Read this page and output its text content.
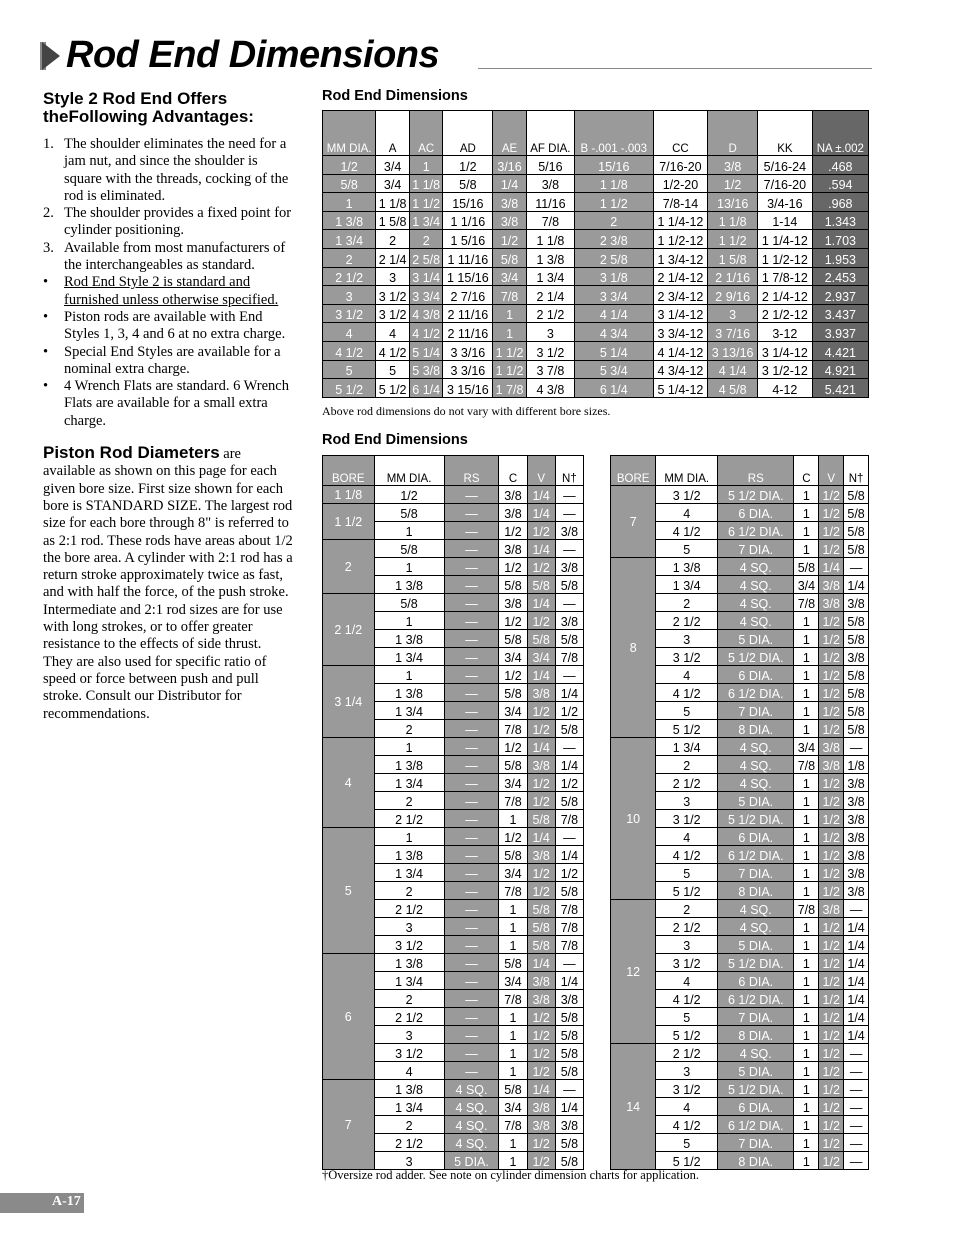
Rod End Dimensions
Style 2 Rod End Offers theFollowing Advantages:
1. The shoulder eliminates the need for a jam nut, and since the shoulder is square with the threads, cocking of the rod is eliminated.
2. The shoulder provides a fixed point for cylinder positioning.
3. Available from most manufacturers of the interchangeables as standard.
• Rod End Style 2 is standard and furnished unless otherwise specified.
• Piston rods are available with End Styles 1, 3, 4 and 6 at no extra charge.
• Special End Styles are available for a nominal extra charge.
• 4 Wrench Flats are standard. 6 Wrench Flats are available for a small extra charge.
Piston Rod Diameters are available as shown on this page for each given bore size. First size shown for each bore is STANDARD SIZE. The largest rod size for each bore through 8" is referred to as 2:1 rod. These rods have areas about 1/2 the bore area. A cylinder with 2:1 rod has a return stroke approximately twice as fast, and with half the force, of the push stroke. Intermediate and 2:1 rod sizes are for use with long strokes, or to offer greater resistance to the effects of side thrust. They are also used for specific ratio of speed or force between push and pull stroke. Consult our Distributor for recommendations.
Rod End Dimensions
MM DIA.	A	AC	AD	AE	AF DIA.	B -.001 -.003	CC	D	KK	NA ±.002
1/2	3/4	1	1/2	3/16	5/16	15/16	7/16-20	3/8	5/16-24	.468
5/8	3/4	1 1/8	5/8	1/4	3/8	1 1/8	1/2-20	1/2	7/16-20	.594
1	1 1/8	1 1/2	15/16	3/8	11/16	1 1/2	7/8-14	13/16	3/4-16	.968
1 3/8	1 5/8	1 3/4	1 1/16	3/8	7/8	2	1 1/4-12	1 1/8	1-14	1.343
1 3/4	2	2	1 5/16	1/2	1 1/8	2 3/8	1 1/2-12	1 1/2	1 1/4-12	1.703
2	2 1/4	2 5/8	1 11/16	5/8	1 3/8	2 5/8	1 3/4-12	1 5/8	1 1/2-12	1.953
2 1/2	3	3 1/4	1 15/16	3/4	1 3/4	3 1/8	2 1/4-12	2 1/16	1 7/8-12	2.453
3	3 1/2	3 3/4	2 7/16	7/8	2 1/4	3 3/4	2 3/4-12	2 9/16	2 1/4-12	2.937
3 1/2	3 1/2	4 3/8	2 11/16	1	2 1/2	4 1/4	3 1/4-12	3	2 1/2-12	3.437
4	4	4 1/2	2 11/16	1	3	4 3/4	3 3/4-12	3 7/16	3-12	3.937
4 1/2	4 1/2	5 1/4	3 3/16	1 1/2	3 1/2	5 1/4	4 1/4-12	3 13/16	3 1/4-12	4.421
5	5	5 3/8	3 3/16	1 1/2	3 7/8	5 3/4	4 3/4-12	4 1/4	3 1/2-12	4.921
5 1/2	5 1/2	6 1/4	3 15/16	1 7/8	4 3/8	6 1/4	5 1/4-12	4 5/8	4-12	5.421
Above rod dimensions do not vary with different bore sizes.
Rod End Dimensions
BORE	MM DIA.	RS	C	V	N†
1 1/8	1/2	—	3/8	1/4	—
1 1/2	5/8	—	3/8	1/4	—
	1	—	1/2	1/2	3/8
2	5/8	—	3/8	1/4	—
	1	—	1/2	1/2	3/8
	1 3/8	—	5/8	5/8	5/8
2 1/2	5/8	—	3/8	1/4	—
	1	—	1/2	1/2	3/8
	1 3/8	—	5/8	5/8	5/8
	1 3/4	—	3/4	3/4	7/8
3 1/4	1	—	1/2	1/4	—
	1 3/8	—	5/8	3/8	1/4
	1 3/4	—	3/4	1/2	1/2
	2	—	7/8	1/2	5/8
4	1	—	1/2	1/4	—
	1 3/8	—	5/8	3/8	1/4
	1 3/4	—	3/4	1/2	1/2
	2	—	7/8	1/2	5/8
	2 1/2	—	1	5/8	7/8
5	1	—	1/2	1/4	—
	1 3/8	—	5/8	3/8	1/4
	1 3/4	—	3/4	1/2	1/2
	2	—	7/8	1/2	5/8
	2 1/2	—	1	5/8	7/8
	3	—	1	5/8	7/8
	3 1/2	—	1	5/8	7/8
6	1 3/8	—	5/8	1/4	—
	1 3/4	—	3/4	3/8	1/4
	2	—	7/8	3/8	3/8
	2 1/2	—	1	1/2	5/8
	3	—	1	1/2	5/8
	3 1/2	—	1	1/2	5/8
	4	—	1	1/2	5/8
7	1 3/8	4 SQ.	5/8	1/4	—
	1 3/4	4 SQ.	3/4	3/8	1/4
	2	4 SQ.	7/8	3/8	3/8
	2 1/2	4 SQ.	1	1/2	5/8
	3	5 DIA.	1	1/2	5/8
BORE	MM DIA.	RS	C	V	N†
7	3 1/2	5 1/2 DIA.	1	1/2	5/8
	4	6 DIA.	1	1/2	5/8
	4 1/2	6 1/2 DIA.	1	1/2	5/8
	5	7 DIA.	1	1/2	5/8
8	1 3/8	4 SQ.	5/8	1/4	—
	1 3/4	4 SQ.	3/4	3/8	1/4
	2	4 SQ.	7/8	3/8	3/8
	2 1/2	4 SQ.	1	1/2	5/8
	3	5 DIA.	1	1/2	5/8
	3 1/2	5 1/2 DIA.	1	1/2	3/8
	4	6 DIA.	1	1/2	5/8
	4 1/2	6 1/2 DIA.	1	1/2	5/8
	5	7 DIA.	1	1/2	5/8
	5 1/2	8 DIA.	1	1/2	5/8
10	1 3/4	4 SQ.	3/4	3/8	—
	2	4 SQ.	7/8	3/8	1/8
	2 1/2	4 SQ.	1	1/2	3/8
	3	5 DIA.	1	1/2	3/8
	3 1/2	5 1/2 DIA.	1	1/2	3/8
	4	6 DIA.	1	1/2	3/8
	4 1/2	6 1/2 DIA.	1	1/2	3/8
	5	7 DIA.	1	1/2	3/8
	5 1/2	8 DIA.	1	1/2	3/8
12	2	4 SQ.	7/8	3/8	—
	2 1/2	4 SQ.	1	1/2	1/4
	3	5 DIA.	1	1/2	1/4
	3 1/2	5 1/2 DIA.	1	1/2	1/4
	4	6 DIA.	1	1/2	1/4
	4 1/2	6 1/2 DIA.	1	1/2	1/4
	5	7 DIA.	1	1/2	1/4
	5 1/2	8 DIA.	1	1/2	1/4
14	2 1/2	4 SQ.	1	1/2	—
	3	5 DIA.	1	1/2	—
	3 1/2	5 1/2 DIA.	1	1/2	—
	4	6 DIA.	1	1/2	—
	4 1/2	6 1/2 DIA.	1	1/2	—
	5	7 DIA.	1	1/2	—
	5 1/2	8 DIA.	1	1/2	—
†Oversize rod adder. See note on cylinder dimension charts for application.
A-17
